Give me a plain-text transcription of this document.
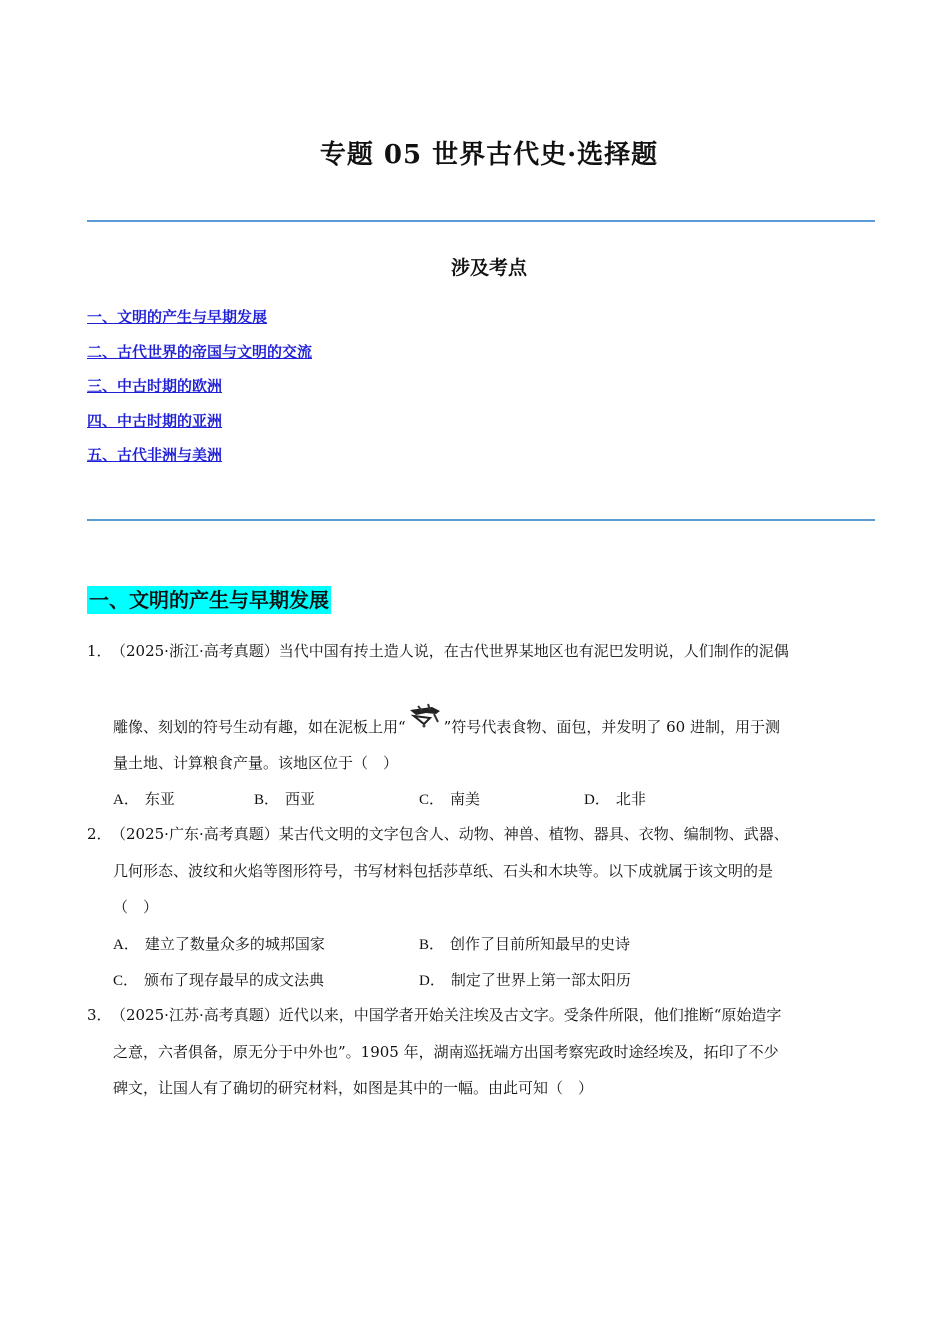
专题 05 世界古代史·选择题
涉及考点
一、文明的产生与早期发展
二、古代世界的帝国与文明的交流
三、中古时期的欧洲
四、中古时期的亚洲
五、古代非洲与美洲
一、文明的产生与早期发展
1． （2025·浙江·高考真题）当代中国有抟土造人说，在古代世界某地区也有泥巴发明说，人们制作的泥偶
雕像、刻划的符号生动有趣，如在泥板上用“	”符号代表食物、面包，并发明了 60 进制，用于测
量土地、计算粮食产量。该地区位于（　）
A． 东亚	B． 西亚	C． 南美	D． 北非
2． （2025·广东·高考真题）某古代文明的文字包含人、动物、神兽、植物、器具、衣物、编制物、武器、
几何形态、波纹和火焰等图形符号，书写材料包括莎草纸、石头和木块等。以下成就属于该文明的是
（　）
A． 建立了数量众多的城邦国家	B． 创作了目前所知最早的史诗
C． 颁布了现存最早的成文法典	D． 制定了世界上第一部太阳历
3． （2025·江苏·高考真题）近代以来，中国学者开始关注埃及古文字。受条件所限，他们推断“原始造字
之意，六者俱备，原无分于中外也”。1905 年，湖南巡抚端方出国考察宪政时途经埃及，拓印了不少
碑文，让国人有了确切的研究材料，如图是其中的一幅。由此可知（　）
